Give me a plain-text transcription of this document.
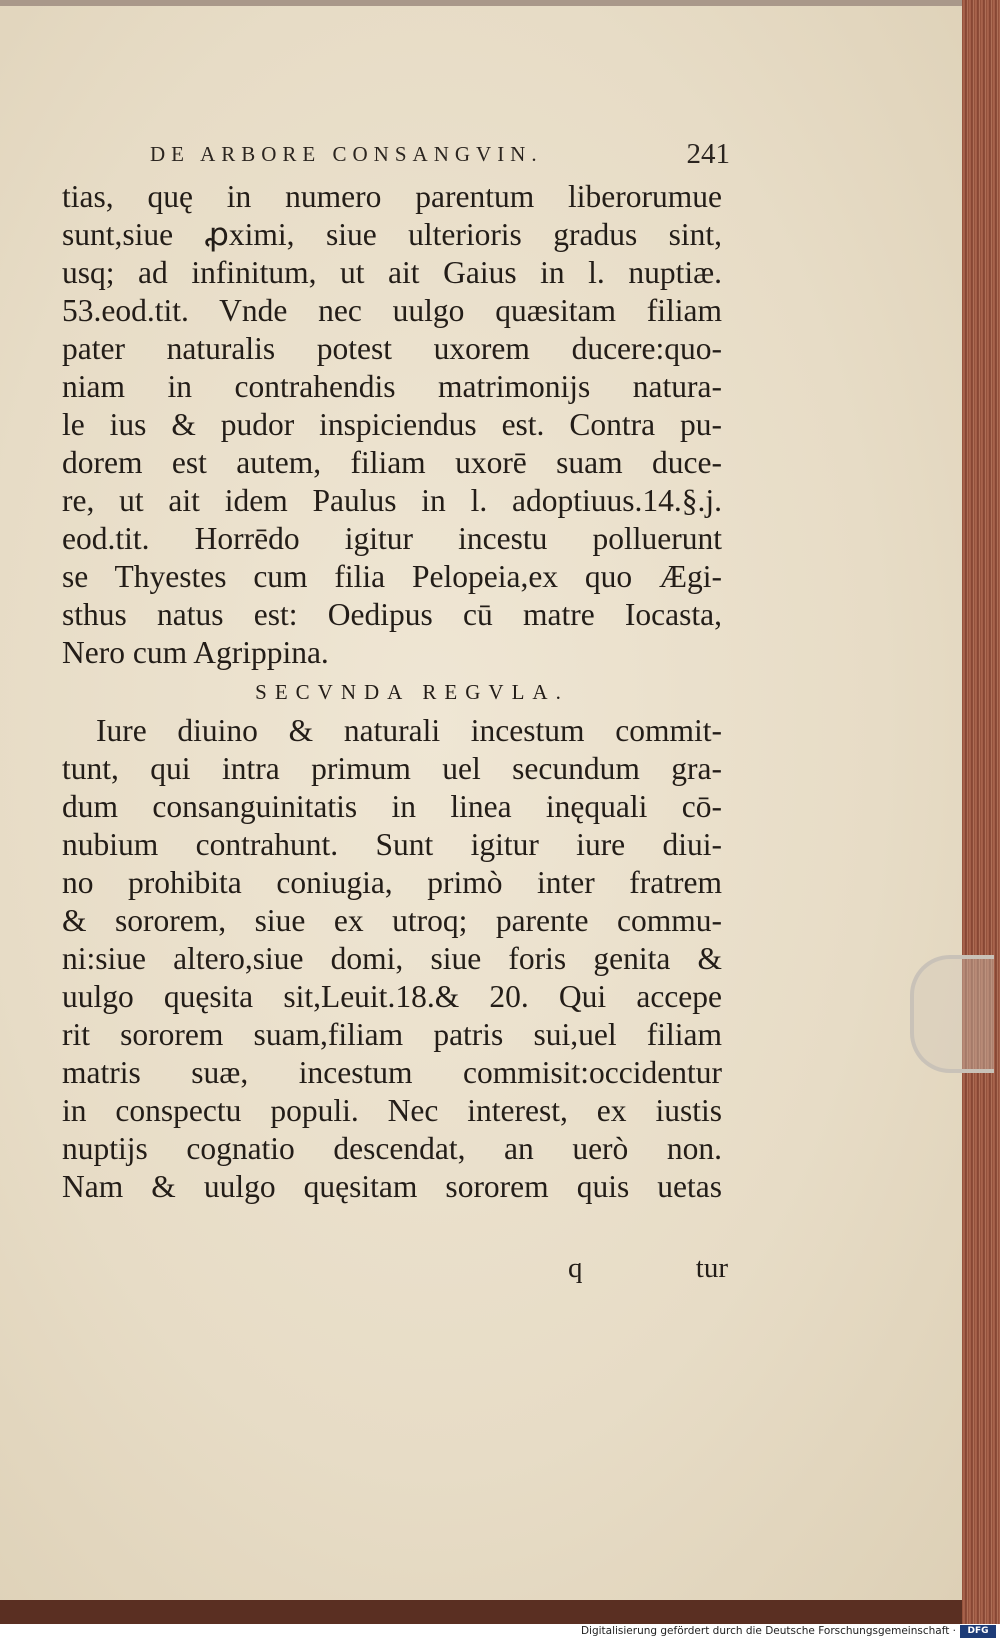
DE ARBORE CONSANGVIN.	241
tias, quę in numero parentum liberorumue
sunt,siue ꝓximi, siue ulterioris gradus sint,
usq; ad infinitum, ut ait Gaius in l. nuptiæ.
53.eod.tit. Vnde nec uulgo quæsitam filiam
pater naturalis potest uxorem ducere:quo-
niam in contrahendis matrimonijs natura-
le ius & pudor inspiciendus est. Contra pu-
dorem est autem, filiam uxorē suam duce-
re, ut ait idem Paulus in l. adoptiuus.14.§.j.
eod.tit. Horrēdo igitur incestu polluerunt
se Thyestes cum filia Pelopeia,ex quo Ægi-
sthus natus est: Oedipus cū matre Iocasta,
Nero cum Agrippina.
SECVNDA REGVLA.
Iure diuino & naturali incestum commit-
tunt, qui intra primum uel secundum gra-
dum consanguinitatis in linea inęquali cō-
nubium contrahunt. Sunt igitur iure diui-
no prohibita coniugia, primò inter fratrem
& sororem, siue ex utroq; parente commu-
ni:siue altero,siue domi, siue foris genita &
uulgo quęsita sit,Leuit.18.& 20. Qui accepe
rit sororem suam,filiam patris sui,uel filiam
matris suæ, incestum commisit:occidentur
in conspectu populi. Nec interest, ex iustis
nuptijs cognatio descendat, an uerò non.
Nam & uulgo quęsitam sororem quis uetas
q	tur
Digitalisierung gefördert durch die Deutsche Forschungsgemeinschaft ·	DFG
